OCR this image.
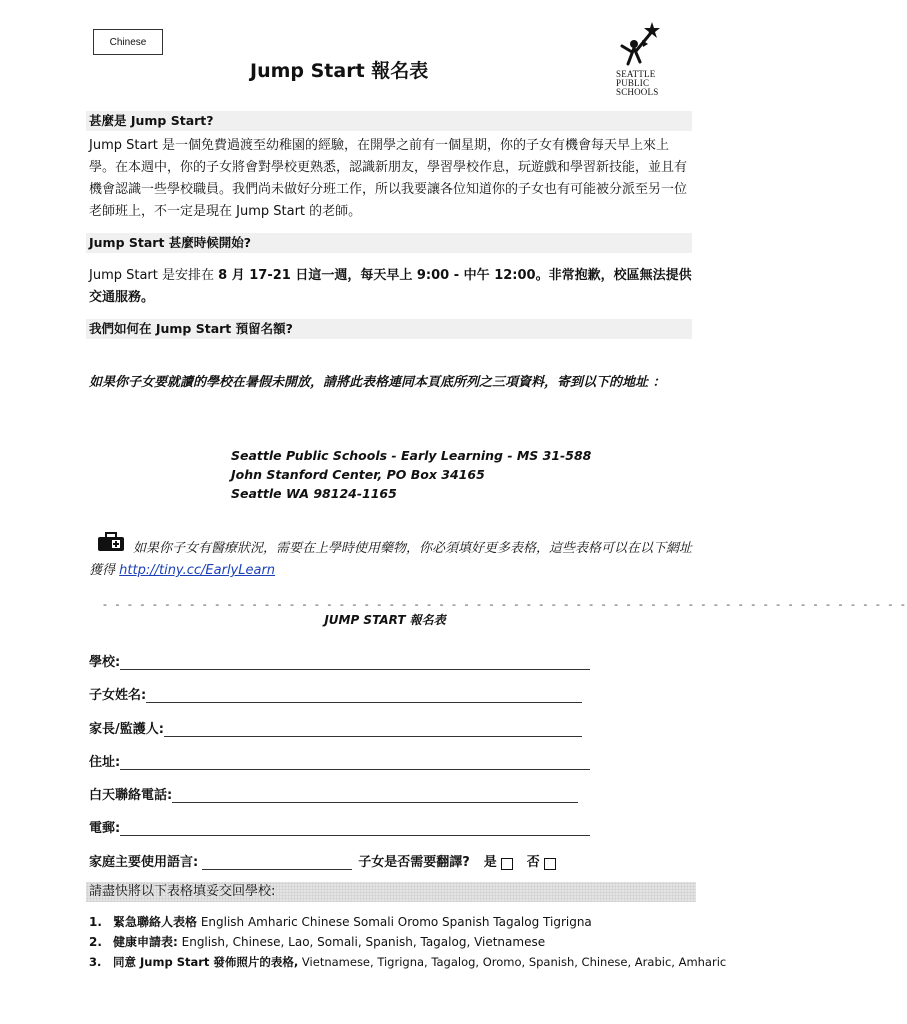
Chinese
Jump Start 報名表	SEATTLE
PUBLIC
SCHOOLS
甚麼是 Jump Start?
Jump Start 是一個免費過渡至幼稚園的經驗，在開學之前有一個星期，你的子女有機會每天早上來上學。在本週中，你的子女將會對學校更熟悉，認識新朋友，學習學校作息，玩遊戲和學習新技能，並且有機會認識一些學校職員。我們尚未做好分班工作，所以我要讓各位知道你的子女也有可能被分派至另一位老師班上，不一定是現在 Jump Start 的老師。
Jump Start 甚麼時候開始?
Jump Start 是安排在 8 月 17-21 日這一週，每天早上 9:00 - 中午 12:00。非常抱歉，校區無法提供交通服務。
我們如何在 Jump Start 預留名額?
如果你子女要就讀的學校在暑假未開放，請將此表格連同本頁底所列之三項資料，寄到以下的地址 ：
Seattle Public Schools - Early Learning - MS 31-588
John Stanford Center, PO Box 34165
Seattle WA 98124-1165
如果你子女有醫療狀況，需要在上學時使用藥物，你必須填好更多表格，這些表格可以在以下網址獲得 http://tiny.cc/EarlyLearn
- - - - - - - - - - - - - - - - - - - - - - - - - - - - - - - - - - - - - - - - - - - - - - - - - - - - - - - - - - - - - - - - -
JUMP START 報名表
學校:
子女姓名:
家長/監護人:
住址:
白天聯絡電話:
電郵:
家庭主要使用語言:	子女是否需要翻譯? 是 否
請盡快將以下表格填妥交回學校:
1. 緊急聯絡人表格 English Amharic Chinese Somali Oromo Spanish Tagalog Tigrigna
2. 健康申請表: English, Chinese, Lao, Somali, Spanish, Tagalog, Vietnamese
3. 同意 Jump Start 發佈照片的表格, Vietnamese, Tigrigna, Tagalog, Oromo, Spanish, Chinese, Arabic, Amharic
